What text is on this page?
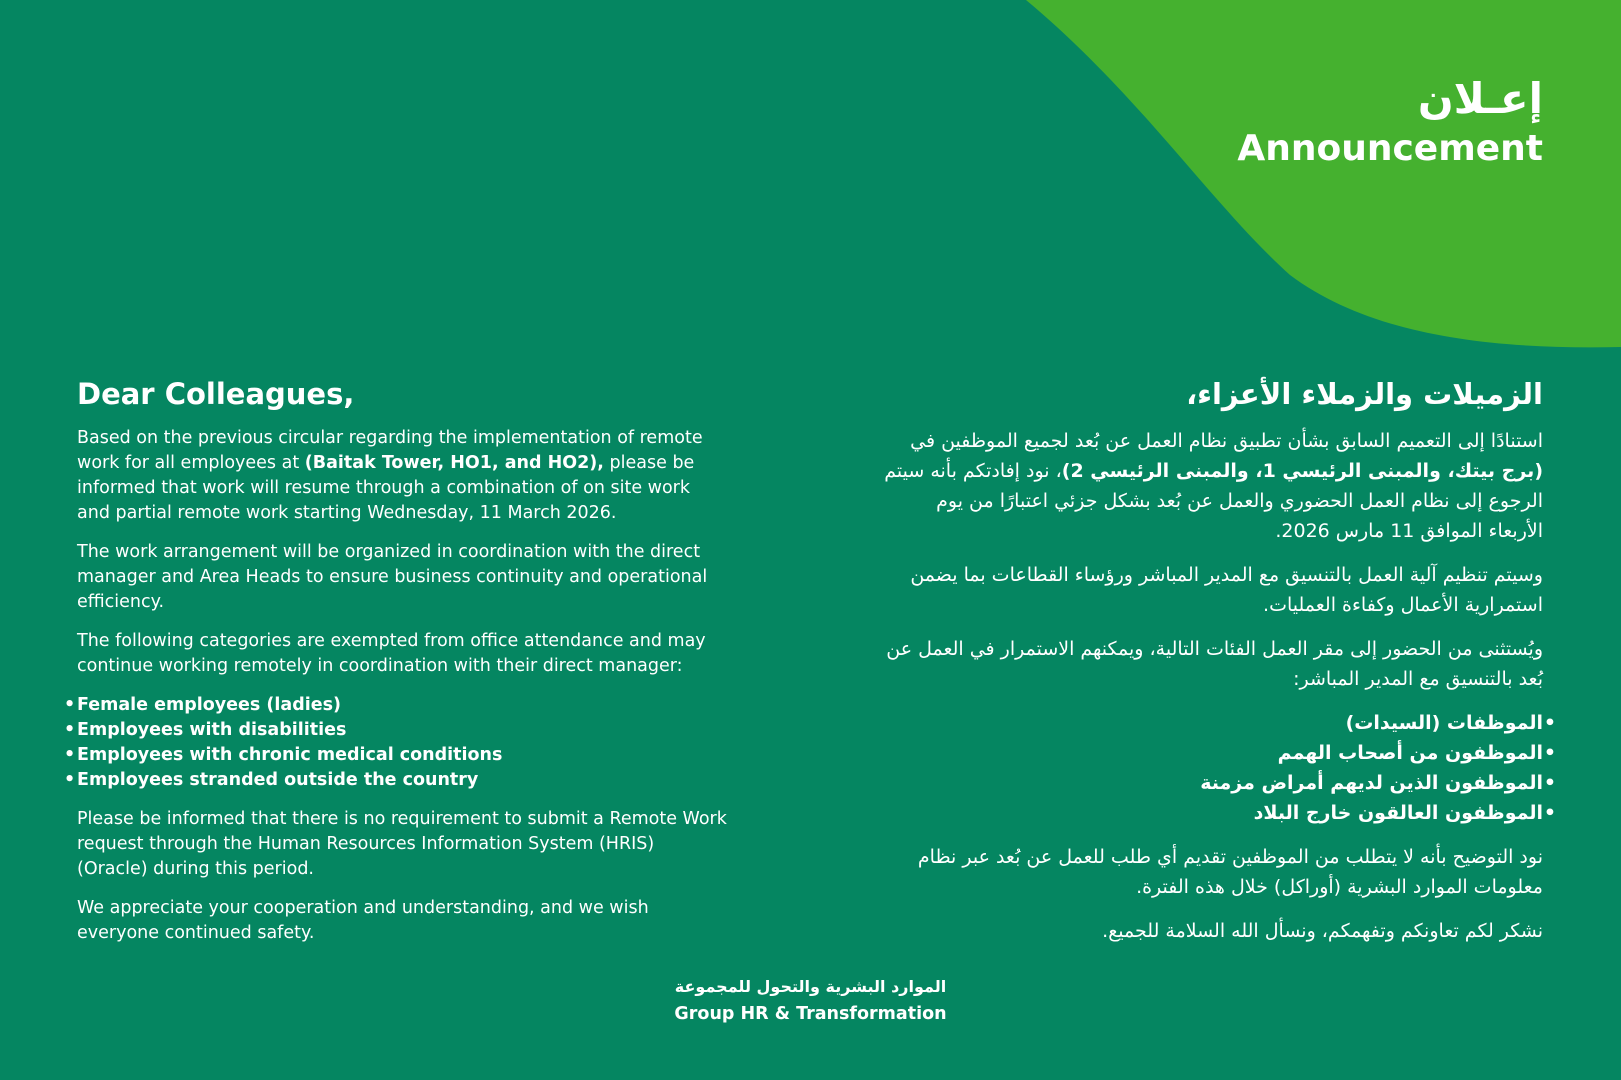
إعـلان
Announcement
Dear Colleagues,

Based on the previous circular regarding the implementation of remote work for all employees at (Baitak Tower, HO1, and HO2), please be informed that work will resume through a combination of on site work and partial remote work starting Wednesday, 11 March 2026.

The work arrangement will be organized in coordination with the direct manager and Area Heads to ensure business continuity and operational efficiency.

The following categories are exempted from office attendance and may continue working remotely in coordination with their direct manager:

• Female employees (ladies)
• Employees with disabilities
• Employees with chronic medical conditions
• Employees stranded outside the country

Please be informed that there is no requirement to submit a Remote Work request through the Human Resources Information System (HRIS) (Oracle) during this period.

We appreciate your cooperation and understanding, and we wish everyone continued safety.

الزميلات والزملاء الأعزاء،

استنادًا إلى التعميم السابق بشأن تطبيق نظام العمل عن بُعد لجميع الموظفين في (برج بيتك، والمبنى الرئيسي 1، والمبنى الرئيسي 2)، نود إفادتكم بأنه سيتم الرجوع إلى نظام العمل الحضوري والعمل عن بُعد بشكل جزئي اعتبارًا من يوم الأربعاء الموافق 11 مارس 2026.

وسيتم تنظيم آلية العمل بالتنسيق مع المدير المباشر ورؤساء القطاعات بما يضمن استمرارية الأعمال وكفاءة العمليات.

ويُستثنى من الحضور إلى مقر العمل الفئات التالية، ويمكنهم الاستمرار في العمل عن بُعد بالتنسيق مع المدير المباشر:

•الموظفات (السيدات)
•الموظفون من أصحاب الهمم
•الموظفون الذين لديهم أمراض مزمنة
•الموظفون العالقون خارج البلاد

نود التوضيح بأنه لا يتطلب من الموظفين تقديم أي طلب للعمل عن بُعد عبر نظام معلومات الموارد البشرية (أوراكل) خلال هذه الفترة.

نشكر لكم تعاونكم وتفهمكم، ونسأل الله السلامة للجميع.

الموارد البشرية والتحول للمجموعة
Group HR & Transformation
